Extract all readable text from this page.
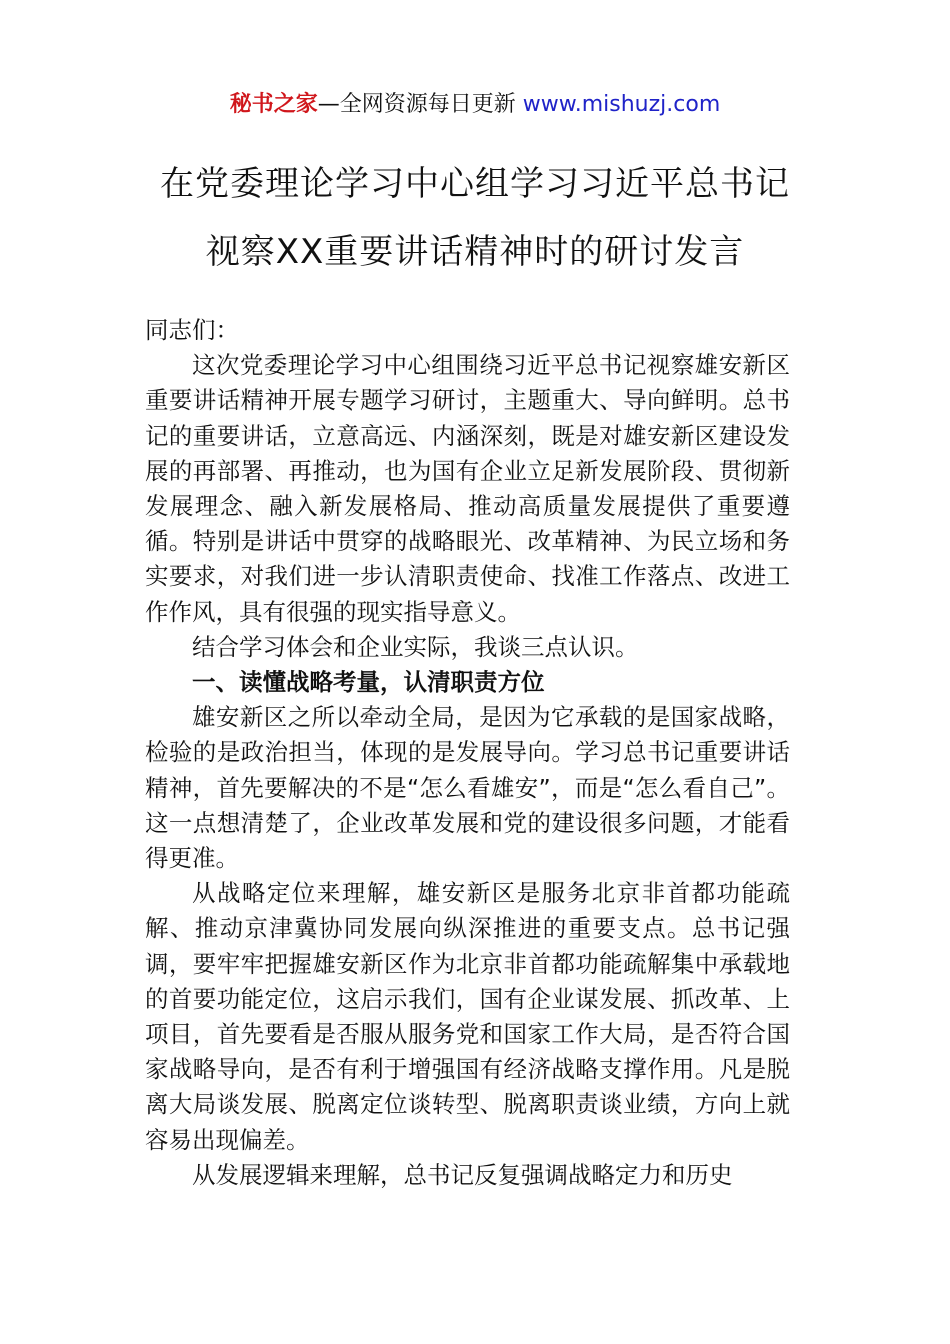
秘书之家—全网资源每日更新 www.mishuzj.com
在党委理论学习中心组学习习近平总书记
视察XX重要讲话精神时的研讨发言

同志们：

这次党委理论学习中心组围绕习近平总书记视察雄安新区重要讲话精神开展专题学习研讨，主题重大、导向鲜明。总书记的重要讲话，立意高远、内涵深刻，既是对雄安新区建设发展的再部署、再推动，也为国有企业立足新发展阶段、贯彻新发展理念、融入新发展格局、推动高质量发展提供了重要遵循。特别是讲话中贯穿的战略眼光、改革精神、为民立场和务实要求，对我们进一步认清职责使命、找准工作落点、改进工作作风，具有很强的现实指导意义。

结合学习体会和企业实际，我谈三点认识。

一、读懂战略考量，认清职责方位

雄安新区之所以牵动全局，是因为它承载的是国家战略，检验的是政治担当，体现的是发展导向。学习总书记重要讲话精神，首先要解决的不是“怎么看雄安”，而是“怎么看自己”。这一点想清楚了，企业改革发展和党的建设很多问题，才能看得更准。

从战略定位来理解，雄安新区是服务北京非首都功能疏解、推动京津冀协同发展向纵深推进的重要支点。总书记强调，要牢牢把握雄安新区作为北京非首都功能疏解集中承载地的首要功能定位，这启示我们，国有企业谋发展、抓改革、上项目，首先要看是否服从服务党和国家工作大局，是否符合国家战略导向，是否有利于增强国有经济战略支撑作用。凡是脱离大局谈发展、脱离定位谈转型、脱离职责谈业绩，方向上就容易出现偏差。

从发展逻辑来理解，总书记反复强调战略定力和历史
